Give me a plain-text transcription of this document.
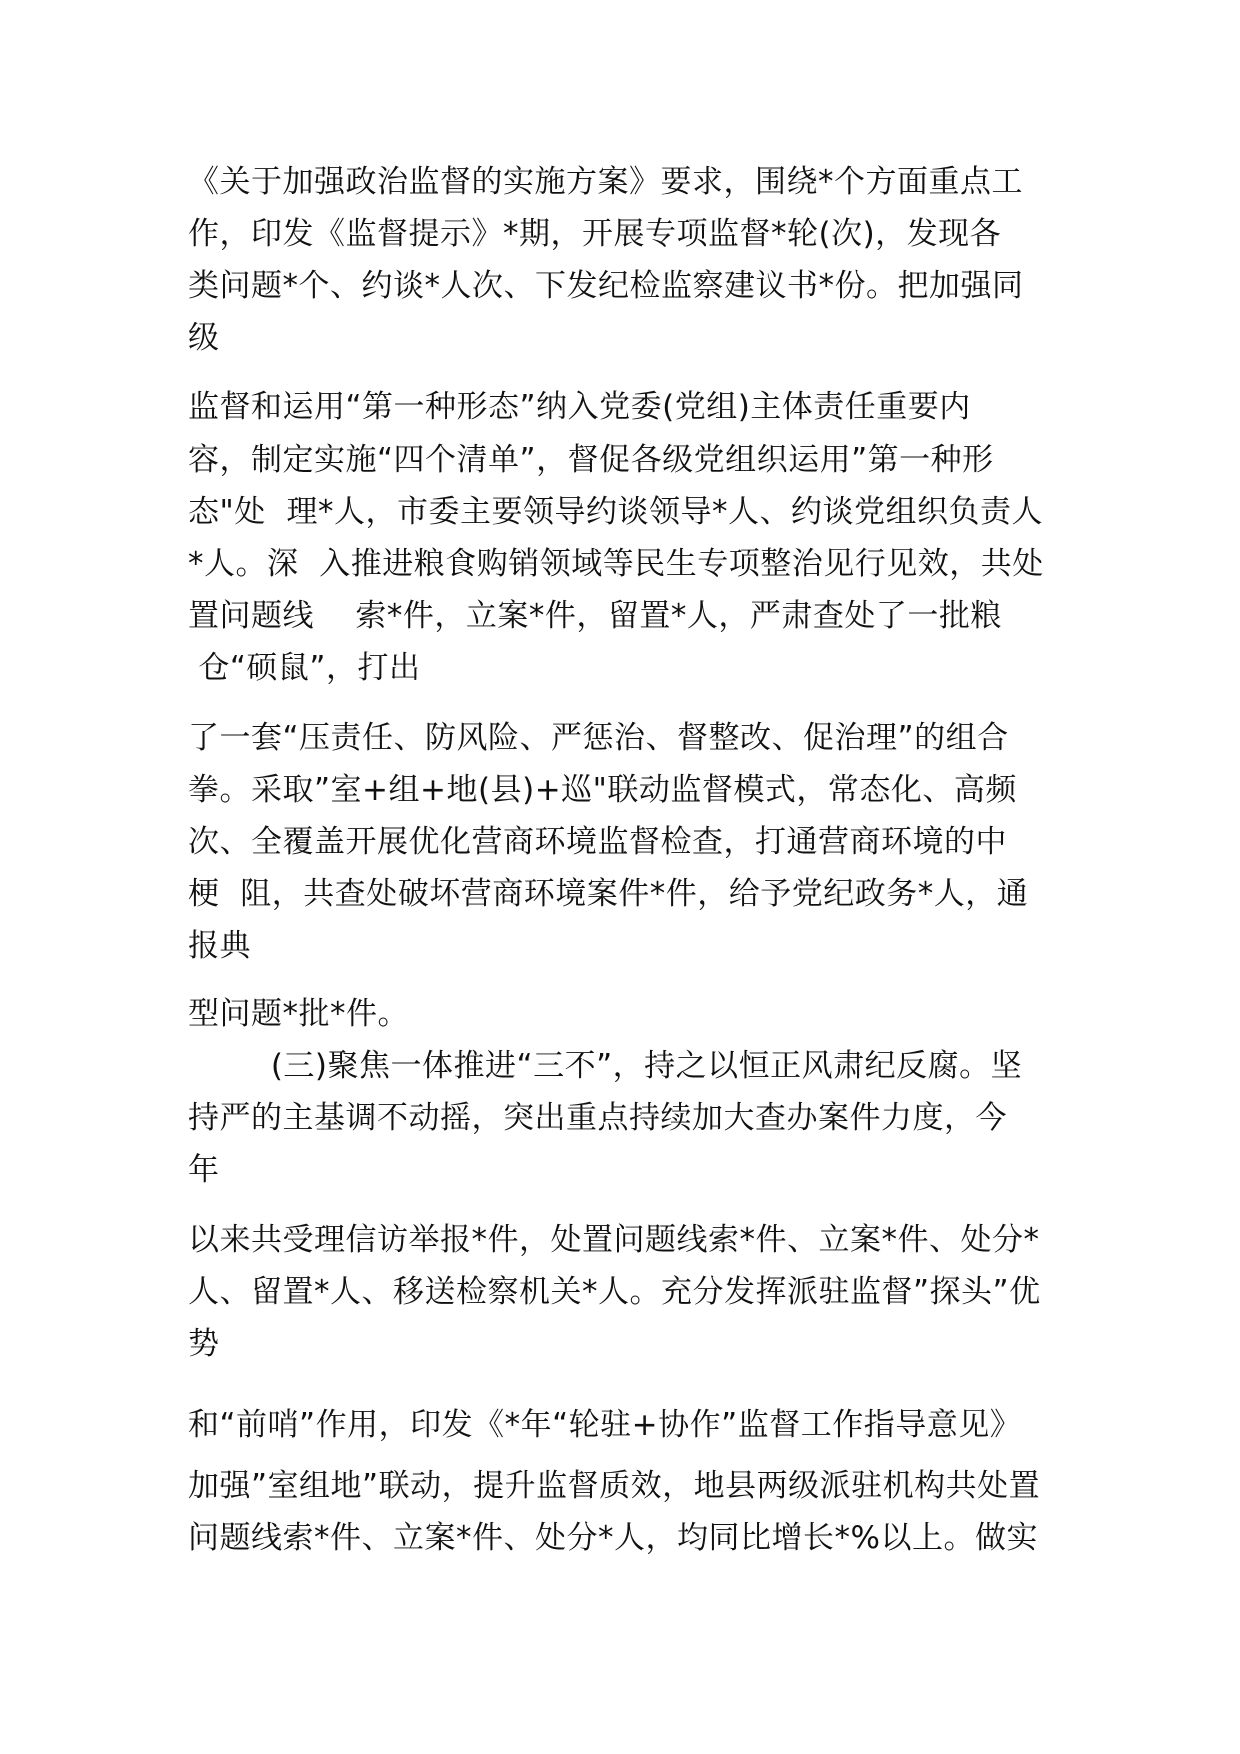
《关于加强政治监督的实施方案》要求，围绕*个方面重点工
作，印发《监督提示》*期，开展专项监督*轮(次)，发现各
类问题*个、约谈*人次、下发纪检监察建议书*份。把加强同
级
监督和运用“第一种形态”纳入党委(党组)主体责任重要内
容，制定实施“四个清单”，督促各级党组织运用”第一种形
态"处  理*人，市委主要领导约谈领导*人、约谈党组织负责人
*人。深  入推进粮食购销领域等民生专项整治见行见效，共处
置问题线    索*件，立案*件，留置*人，严肃查处了一批粮
仓“硕鼠”，打出
了一套“压责任、防风险、严惩治、督整改、促治理”的组合
拳。采取”室+组+地(县)+巡"联动监督模式，常态化、高频
次、全覆盖开展优化营商环境监督检查，打通营商环境的中
梗  阻，共查处破坏营商环境案件*件，给予党纪政务*人，通
报典
型问题*批*件。
(三)聚焦一体推进“三不”，持之以恒正风肃纪反腐。坚
持严的主基调不动摇，突出重点持续加大查办案件力度，今
年
以来共受理信访举报*件，处置问题线索*件、立案*件、处分*
人、留置*人、移送检察机关*人。充分发挥派驻监督”探头”优
势
和“前哨”作用，印发《*年“轮驻+协作”监督工作指导意见》
加强”室组地”联动，提升监督质效，地县两级派驻机构共处置
问题线索*件、立案*件、处分*人，均同比增长*%以上。做实
